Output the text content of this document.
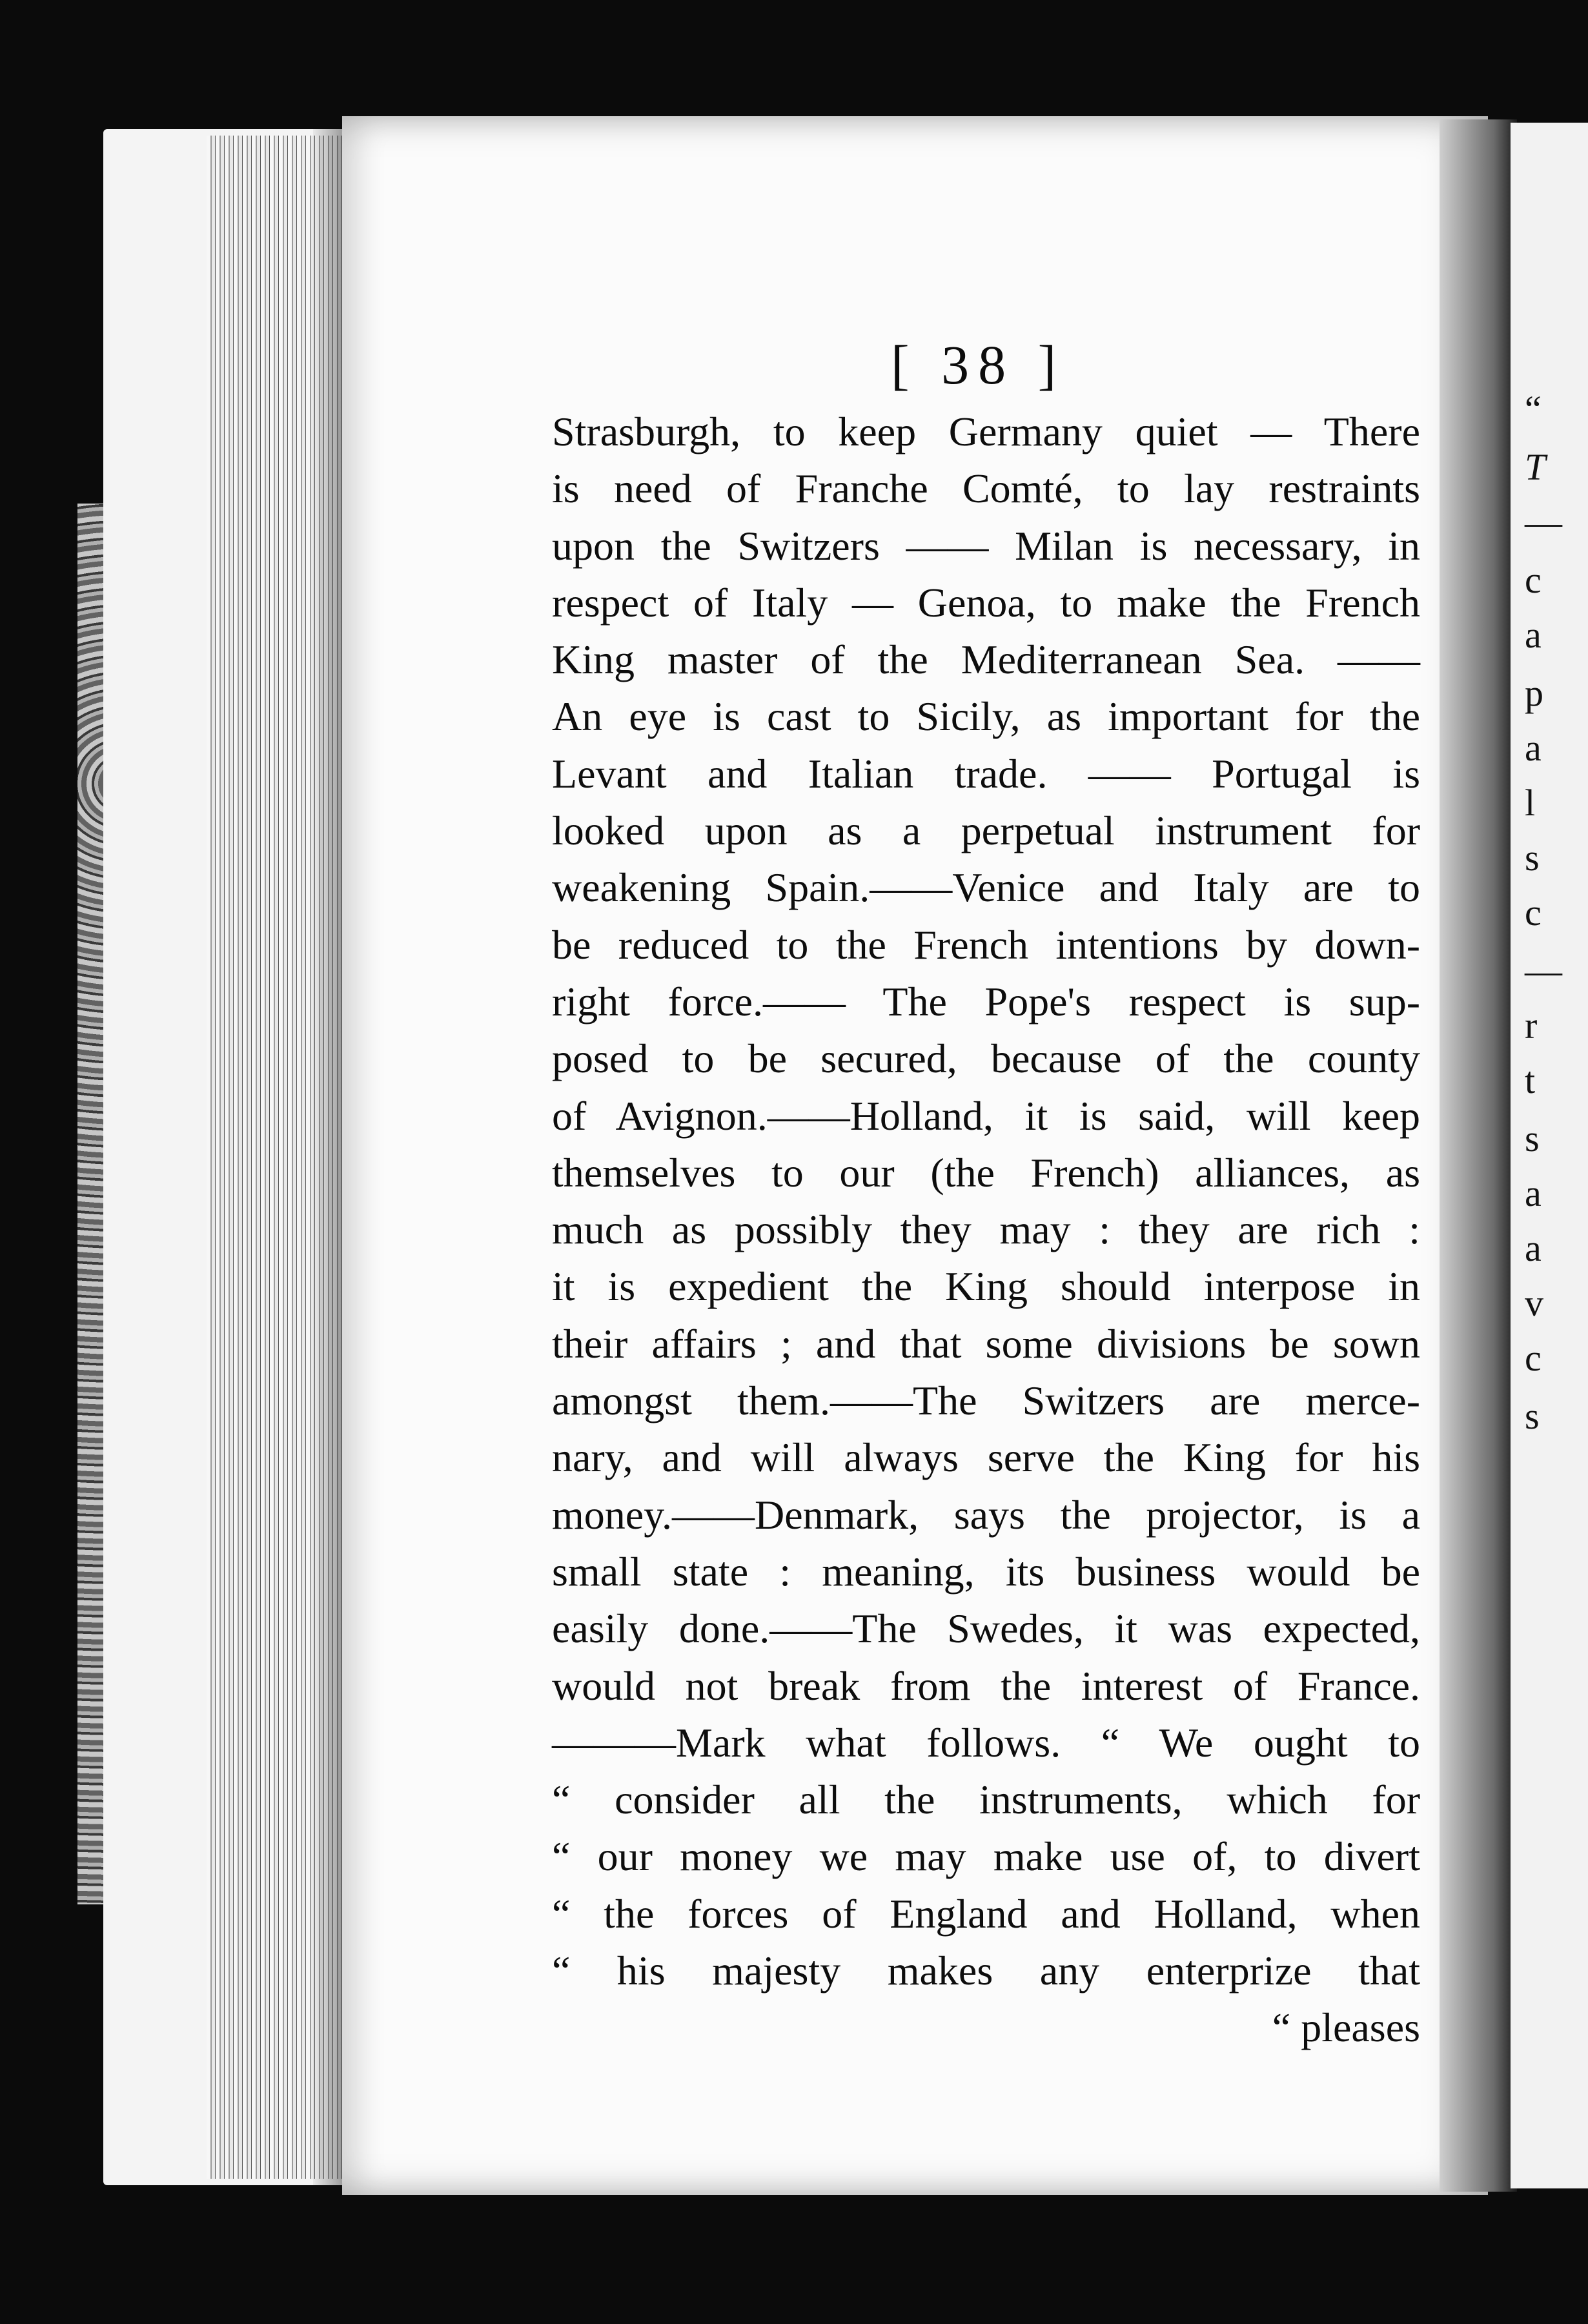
“
T
—
c
a
p
a
l
s
c
—
r
t
s
a
a
v
c
s
[ 38 ]
Strasburgh, to keep Germany quiet — There
is need of Franche Comté, to lay restraints
upon the Switzers —— Milan is necessary, in
respect of Italy — Genoa, to make the French
King master of the Mediterranean Sea. ——
An eye is cast to Sicily, as important for the
Levant and Italian trade. —— Portugal is
looked upon as a perpetual instrument for
weakening Spain.——Venice and Italy are to
be reduced to the French intentions by down-
right force.—— The Pope's respect is sup-
posed to be secured, because of the county
of Avignon.——Holland, it is said, will keep
themselves to our (the French) alliances, as
much as possibly they may : they are rich :
it is expedient the King should interpose in
their affairs ; and that some divisions be sown
amongst them.——The Switzers are merce-
nary, and will always serve the King for his
money.——Denmark, says the projector, is a
small state : meaning, its business would be
easily done.——The Swedes, it was expected,
would not break from the interest of France.
———Mark what follows. “ We ought to
“ consider all the instruments, which for
“ our money we may make use of, to divert
“ the forces of England and Holland, when
“ his majesty makes any enterprize that
“ pleases
